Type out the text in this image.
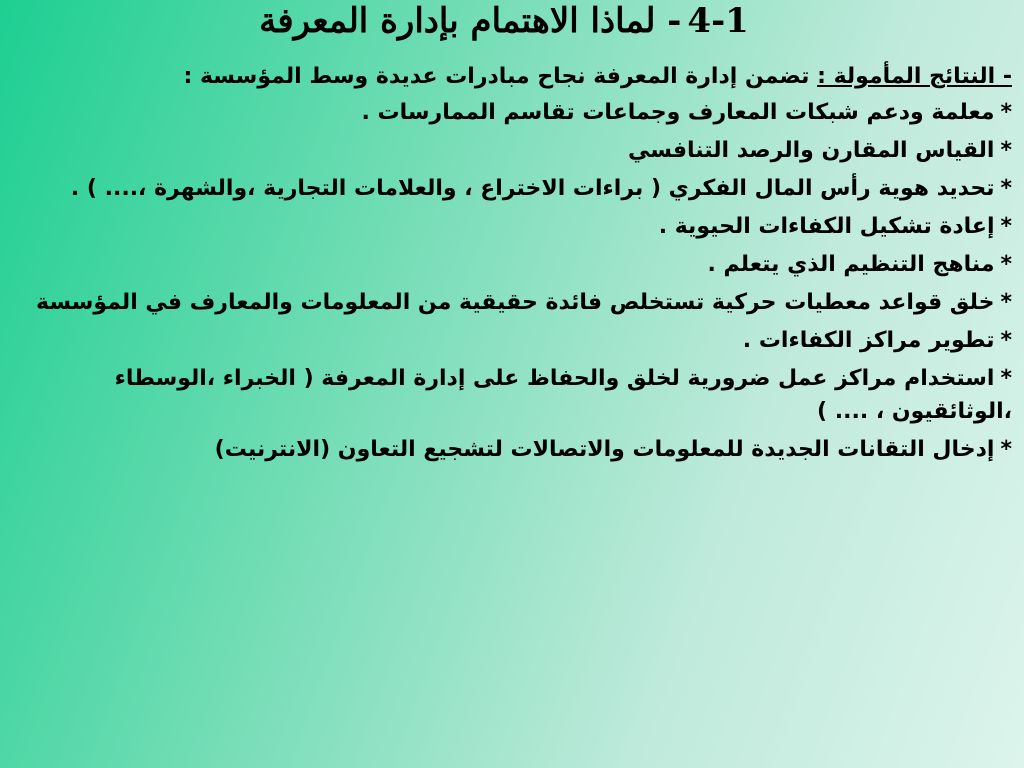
4-1- لماذا الاهتمام بإدارة المعرفة
- النتائج المأمولة : تضمن إدارة المعرفة نجاح مبادرات عديدة وسط المؤسسة :
*معلمة ودعم شبكات المعارف وجماعات تقاسم الممارسات .
*القياس المقارن والرصد التنافسي
*تحديد هوية رأس المال الفكري ( براءات الاختراع ، والعلامات التجارية ،والشهرة ،.... ) .
*إعادة تشكيل الكفاءات الحيوية .
*مناهج التنظيم الذي يتعلم .
*خلق قواعد معطيات حركية تستخلص فائدة حقيقية من المعلومات والمعارف في المؤسسة
*تطوير مراكز الكفاءات .
*استخدام مراكز عمل ضرورية لخلق والحفاظ على إدارة المعرفة ( الخبراء ،الوسطاء ،الوثائقيون ، .... )
*إدخال التقانات الجديدة للمعلومات والاتصالات لتشجيع التعاون (الانترنيت)
